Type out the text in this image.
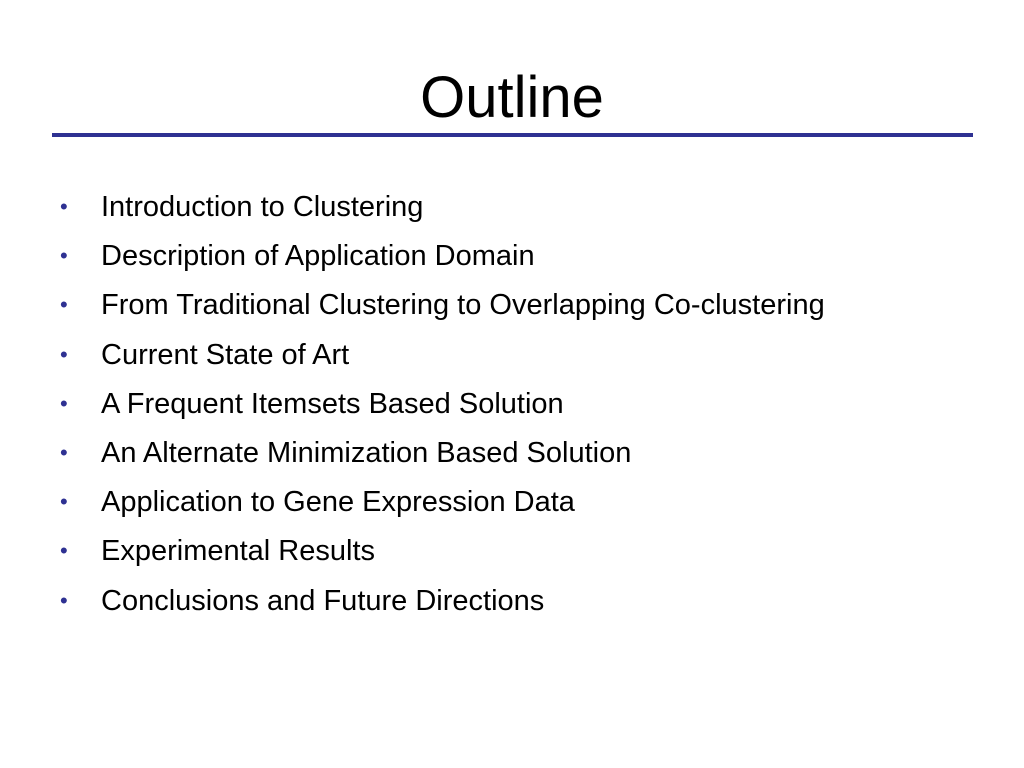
Outline
•	Introduction to Clustering
•	Description of Application Domain
•	From Traditional Clustering to Overlapping Co-clustering
•	Current State of Art
•	A Frequent Itemsets Based Solution
•	An Alternate Minimization Based Solution
•	Application to Gene Expression Data
•	Experimental Results
•	Conclusions and Future Directions
